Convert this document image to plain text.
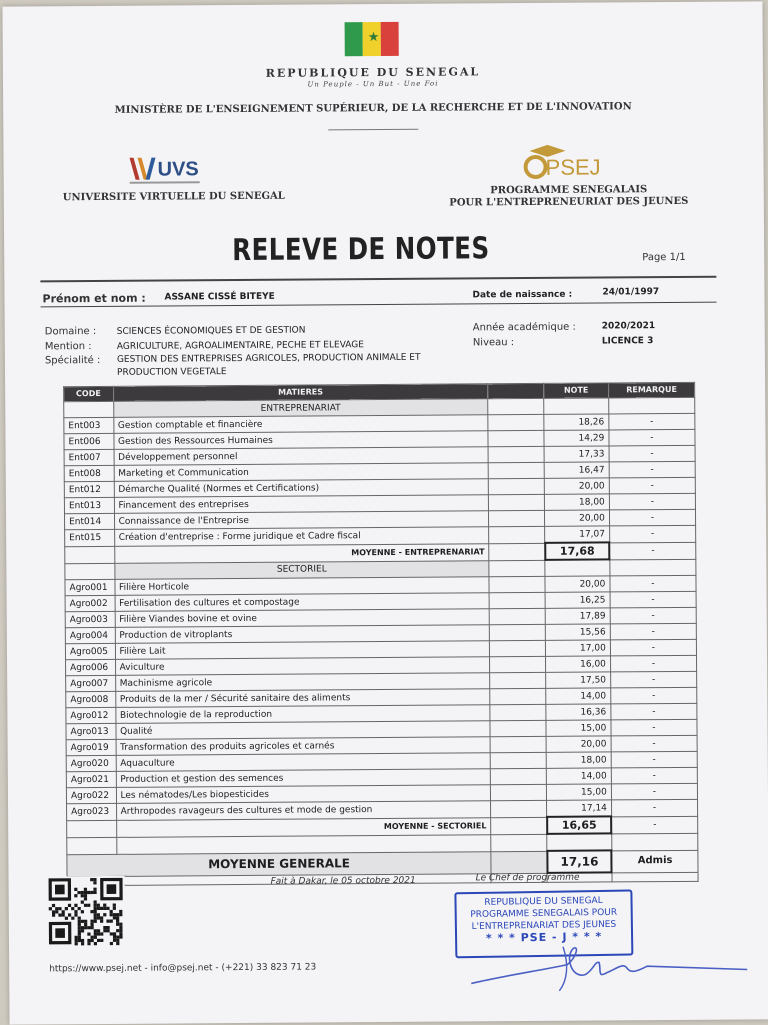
★
REPUBLIQUE DU SENEGAL
Un Peuple - Un But - Une Foi
MINISTÈRE DE L'ENSEIGNEMENT SUPÉRIEUR, DE LA RECHERCHE ET DE L'INNOVATION
UVS
UNIVERSITE VIRTUELLE DU SENEGAL
PSEJ
PROGRAMME SENEGALAIS
POUR L'ENTREPRENEURIAT DES JEUNES
RELEVE DE NOTES	Page 1/1
Prénom et nom : ASSANE CISSÉ BITEYE	Date de naissance :	24/01/1997
Domaine : SCIENCES ÉCONOMIQUES ET DE GESTION
Mention :	AGRICULTURE, AGROALIMENTAIRE, PECHE ET ELEVAGE
Spécialité : GESTION DES ENTREPRISES AGRICOLES, PRODUCTION ANIMALE ET
PRODUCTION VEGETALE
Année académique :	2020/2021
Niveau :	LICENCE 3
CODE	MATIERES		NOTE	REMARQUE
	ENTREPRENARIAT			
Ent003	Gestion comptable et financière		18,26	-
Ent006	Gestion des Ressources Humaines		14,29	-
Ent007	Développement personnel		17,33	-
Ent008	Marketing et Communication		16,47	-
Ent012	Démarche Qualité (Normes et Certifications)		20,00	-
Ent013	Financement des entreprises		18,00	-
Ent014	Connaissance de l'Entreprise		20,00	-
Ent015	Création d'entreprise : Forme juridique et Cadre fiscal		17,07	-
	MOYENNE - ENTREPRENARIAT		17,68	-
	SECTORIEL			
Agro001	Filière Horticole		20,00	-
Agro002	Fertilisation des cultures et compostage		16,25	-
Agro003	Filière Viandes bovine et ovine		17,89	-
Agro004	Production de vitroplants		15,56	-
Agro005	Filière Lait		17,00	-
Agro006	Aviculture		16,00	-
Agro007	Machinisme agricole		17,50	-
Agro008	Produits de la mer / Sécurité sanitaire des aliments		14,00	-
Agro012	Biotechnologie de la reproduction		16,36	-
Agro013	Qualité		15,00	-
Agro019	Transformation des produits agricoles et carnés		20,00	-
Agro020	Aquaculture		18,00	-
Agro021	Production et gestion des semences		14,00	-
Agro022	Les nématodes/Les biopesticides		15,00	-
Agro023	Arthropodes ravageurs des cultures et mode de gestion		17,14	-
	MOYENNE - SECTORIEL		16,65	-

MOYENNE GENERALE			17,16	Admis

Fait à Dakar, le 05 octobre 2021	Le Chef de programme
REPUBLIQUE DU SENEGAL
PROGRAMME SENEGALAIS POUR
L'ENTREPRENARIAT DES JEUNES
* * * PSE - J * * *
https://www.psej.net - info@psej.net - (+221) 33 823 71 23
